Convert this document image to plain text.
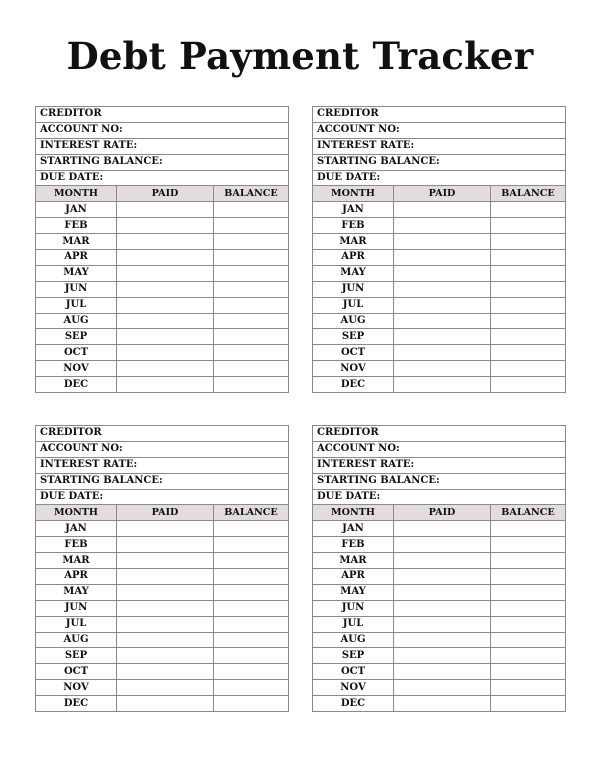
Debt Payment Tracker
CREDITOR		
ACCOUNT NO:		
INTEREST RATE:		
STARTING BALANCE:		
DUE DATE:		
MONTH	PAID	BALANCE
JAN		
FEB		
MAR		
APR		
MAY		
JUN		
JUL		
AUG		
SEP		
OCT		
NOV		
DEC		
CREDITOR		
ACCOUNT NO:		
INTEREST RATE:		
STARTING BALANCE:		
DUE DATE:		
MONTH	PAID	BALANCE
JAN		
FEB		
MAR		
APR		
MAY		
JUN		
JUL		
AUG		
SEP		
OCT		
NOV		
DEC		
CREDITOR		
ACCOUNT NO:		
INTEREST RATE:		
STARTING BALANCE:		
DUE DATE:		
MONTH	PAID	BALANCE
JAN		
FEB		
MAR		
APR		
MAY		
JUN		
JUL		
AUG		
SEP		
OCT		
NOV		
DEC		
CREDITOR		
ACCOUNT NO:		
INTEREST RATE:		
STARTING BALANCE:		
DUE DATE:		
MONTH	PAID	BALANCE
JAN		
FEB		
MAR		
APR		
MAY		
JUN		
JUL		
AUG		
SEP		
OCT		
NOV		
DEC		
